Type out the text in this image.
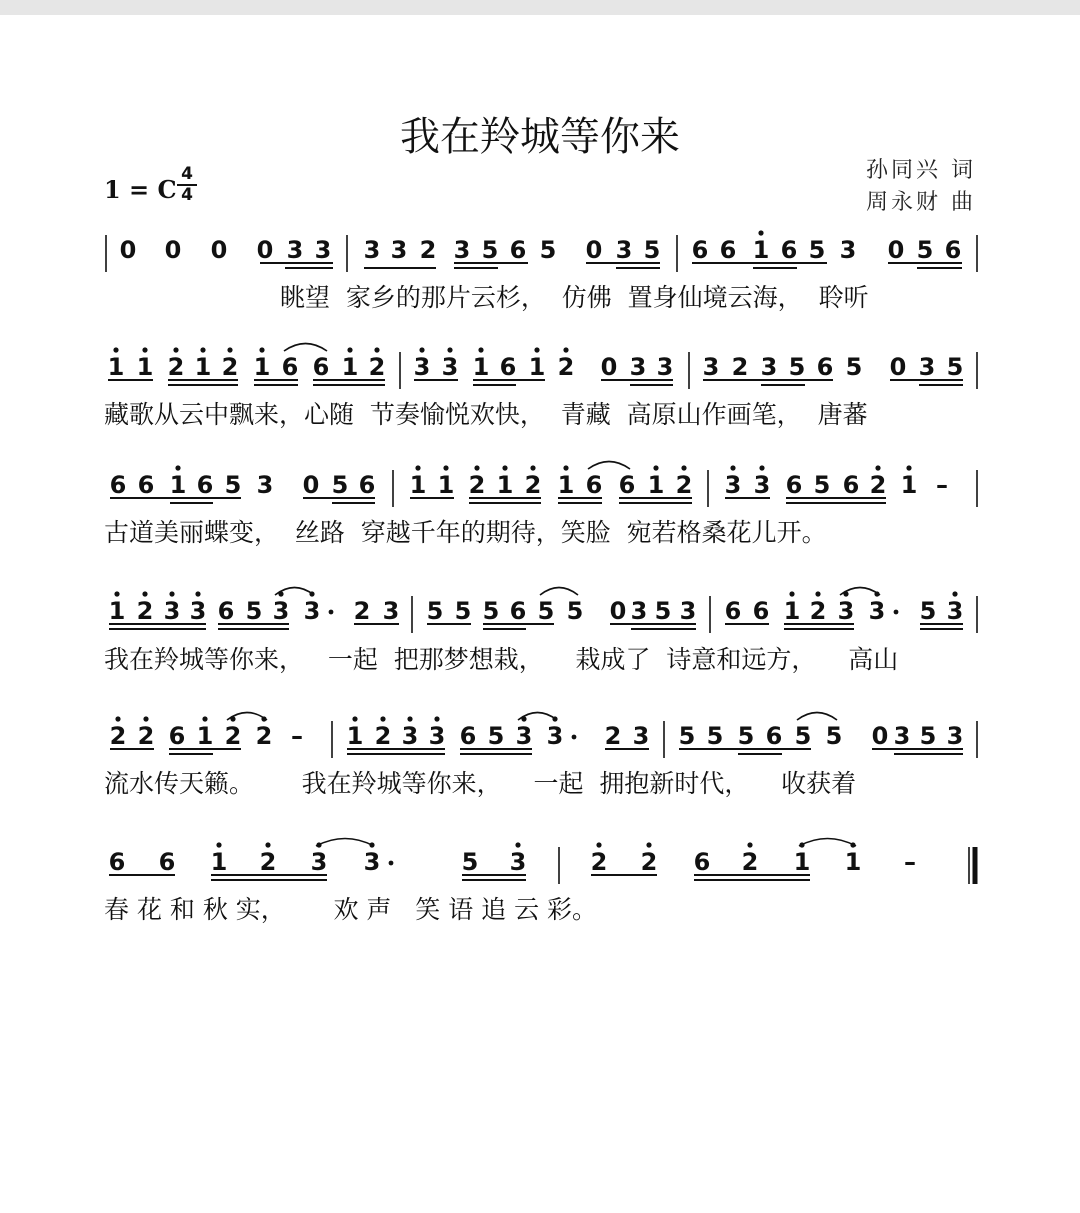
我在羚城等你来
孙同兴 词
周永财 曲
1 = C
4
4
0 0 0 0 3 3 3 3 2 3 5 6 5 0 3 5 6 6 1 6 5 3 0 5 6
1 1 2 1 2 1 6 6 1 2 3 3 1 6 1 2 0 3 3 3 2 3 5 6 5 0 3 5
6 6 1 6 5 3 0 5 6 1 1 2 1 2 1 6 6 1 2 3 3 6 5 6 2 1 –
1 2 3 3 6 5 3 3 2 3 5 5 5 6 5 5 0 3 5 3 6 6 1 2 3 3 5 3
2 2 6 1 2 2 – 1 2 3 3 6 5 3 3 2 3 5 5 5 6 5 5 0 3 5 3
6 6 1 2 3 3	5 3	2 2 6 2 1 1 –
眺望  家乡的那片云杉，  仿佛  置身仙境云海，  聆听
藏歌从云中飘来，心随  节奏愉悦欢快，  青藏  高原山作画笔，  唐蕃
古道美丽蝶变，  丝路  穿越千年的期待，笑脸  宛若格桑花儿开。
我在羚城等你来，   一起  把那梦想栽，    栽成了  诗意和远方，    高山
流水传天籁。      我在羚城等你来，    一起  拥抱新时代，    收获着
春 花 和 秋 实，      欢 声   笑 语 追 云 彩。
